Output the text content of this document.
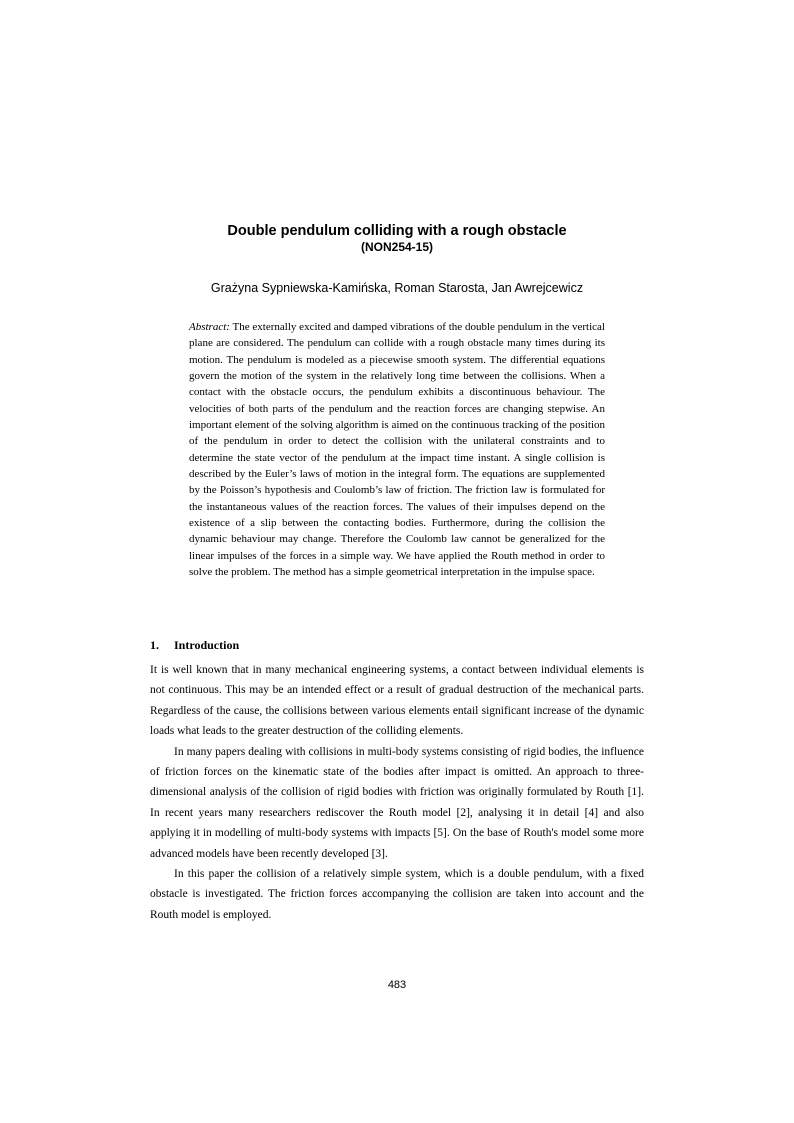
Double pendulum colliding with a rough obstacle
(NON254-15)
Grażyna Sypniewska-Kamińska, Roman Starosta, Jan Awrejcewicz

Abstract: The externally excited and damped vibrations of the double pendulum in the vertical plane are considered. The pendulum can collide with a rough obstacle many times during its motion. The pendulum is modeled as a piecewise smooth system. The differential equations govern the motion of the system in the relatively long time between the collisions. When a contact with the obstacle occurs, the pendulum exhibits a discontinuous behaviour. The velocities of both parts of the pendulum and the reaction forces are changing stepwise. An important element of the solving algorithm is aimed on the continuous tracking of the position of the pendulum in order to detect the collision with the unilateral constraints and to determine the state vector of the pendulum at the impact time instant. A single collision is described by the Euler’s laws of motion in the integral form. The equations are supplemented by the Poisson’s hypothesis and Coulomb’s law of friction. The friction law is formulated for the instantaneous values of the reaction forces. The values of their impulses depend on the existence of a slip between the contacting bodies. Furthermore, during the collision the dynamic behaviour may change. Therefore the Coulomb law cannot be generalized for the linear impulses of the forces in a simple way. We have applied the Routh method in order to solve the problem. The method has a simple geometrical interpretation in the impulse space.

1. Introduction

It is well known that in many mechanical engineering systems, a contact between individual elements is not continuous. This may be an intended effect or a result of gradual destruction of the mechanical parts. Regardless of the cause, the collisions between various elements entail significant increase of the dynamic loads what leads to the greater destruction of the colliding elements.

In many papers dealing with collisions in multi-body systems consisting of rigid bodies, the influence of friction forces on the kinematic state of the bodies after impact is omitted. An approach to three-dimensional analysis of the collision of rigid bodies with friction was originally formulated by Routh [1]. In recent years many researchers rediscover the Routh model [2], analysing it in detail [4] and also applying it in modelling of multi-body systems with impacts [5]. On the base of Routh's model some more advanced models have been recently developed [3].

In this paper the collision of a relatively simple system, which is a double pendulum, with a fixed obstacle is investigated. The friction forces accompanying the collision are taken into account and the Routh model is employed.

483
